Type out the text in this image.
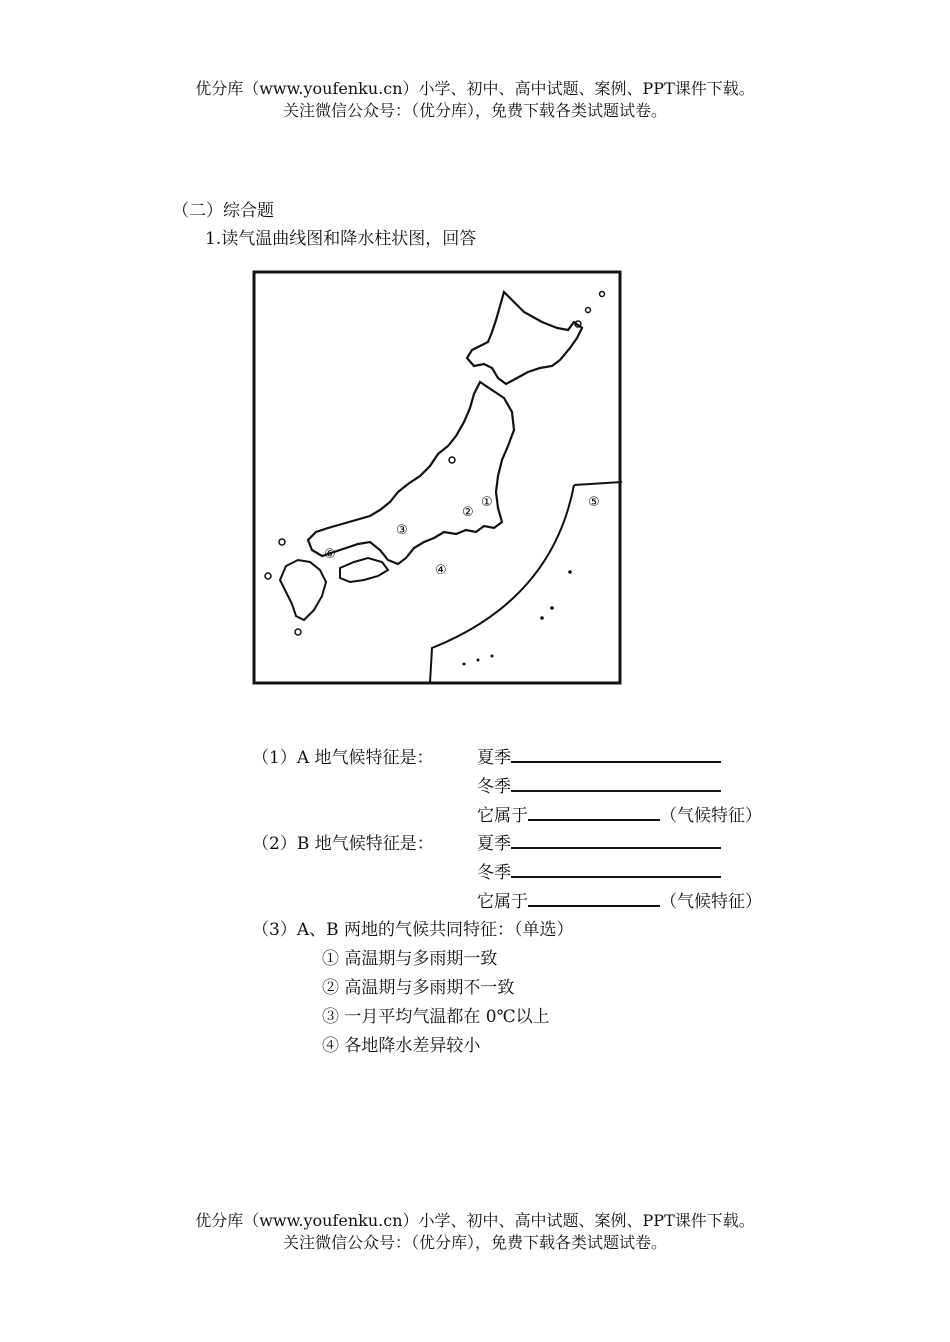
优分库（www.youfenku.cn）小学、初中、高中试题、案例、PPT课件下载。
关注微信公众号：（优分库），免费下载各类试题试卷。
（二）综合题
1.读气温曲线图和降水柱状图，回答
①
②
③
④
⑤
⑥
（1）A 地气候特征是：	夏季
冬季
它属于	（气候特征）
（2）B 地气候特征是：	夏季
冬季
它属于	（气候特征）
（3）A、B 两地的气候共同特征：（单选）
① 高温期与多雨期一致
② 高温期与多雨期不一致
③ 一月平均气温都在 0℃以上
④ 各地降水差异较小
优分库（www.youfenku.cn）小学、初中、高中试题、案例、PPT课件下载。
关注微信公众号：（优分库），免费下载各类试题试卷。
